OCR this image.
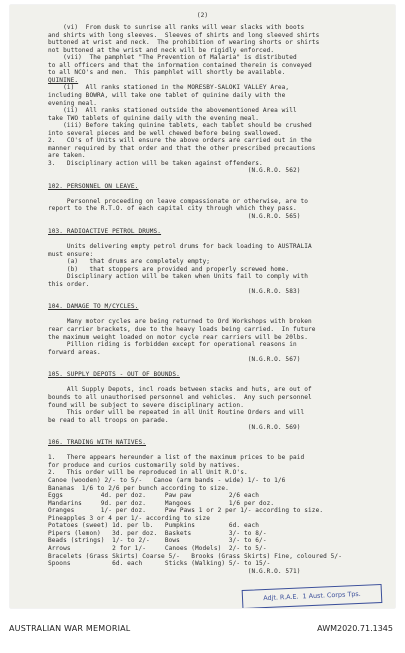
(2)
(vi)  From dusk to sunrise all ranks will wear slacks with boots
and shirts with long sleeves.  Sleeves of shirts and long sleeved shirts
buttoned at wrist and neck.  The prohibition of wearing shorts or shirts
not buttoned at the wrist and neck will be rigidly enforced.
(vii)  The pamphlet "The Prevention of Malaria" is distributed
to all officers and that the information contained therein is conveyed
to all NCO's and men.  This pamphlet will shortly be available.
QUININE.
(i)   All ranks stationed in the MORESBY-SALOKI VALLEY Area,
including BOWRA, will take one tablet of quinine daily with the
evening meal.
(ii)  All ranks stationed outside the abovementioned Area will
take TWO tablets of quinine daily with the evening meal.
(iii) Before taking quinine tablets, each tablet should be crushed
into several pieces and be well chewed before being swallowed.
2.   CO's of Units will ensure the above orders are carried out in the
manner required by that order and that the other prescribed precautions
are taken.
3.   Disciplinary action will be taken against offenders.
(N.G.R.O. 562)
102. PERSONNEL ON LEAVE.
Personnel proceeding on leave compassionate or otherwise, are to
report to the R.T.O. of each capital city through which they pass.
(N.G.R.O. 565)
103. RADIOACTIVE PETROL DRUMS.
Units delivering empty petrol drums for back loading to AUSTRALIA
must ensure:
(a)   that drums are completely empty;
(b)   that stoppers are provided and properly screwed home.
Disciplinary action will be taken when Units fail to comply with
this order.
(N.G.R.O. 583)
104. DAMAGE TO M/CYCLES.
Many motor cycles are being returned to Ord Workshops with broken
rear carrier brackets, due to the heavy loads being carried.  In future
the maximum weight loaded on motor cycle rear carriers will be 20lbs.
Pillion riding is forbidden except for operational reasons in
forward areas.
(N.G.R.O. 567)
105. SUPPLY DEPOTS - OUT OF BOUNDS.
All Supply Depots, incl roads between stacks and huts, are out of
bounds to all unauthorised personnel and vehicles.  Any such personnel
found will be subject to severe disciplinary action.
This order will be repeated in all Unit Routine Orders and will
be read to all troops on parade.
(N.G.R.O. 569)
106. TRADING WITH NATIVES.
1.   There appears hereunder a list of the maximum prices to be paid
for produce and curios customarily sold by natives.
2.   This order will be reproduced in all Unit R.O's.
Canoe (wooden) 2/- to 5/-   Canoe (arm bands - wide) 1/- to 1/6
Bananas  1/6 to 2/6 per bunch according to size.
Eggs          4d. per doz.     Paw paw          2/6 each
Mandarins     9d. per doz.     Mangoes          1/6 per doz.
Oranges       1/- per doz.     Paw Paws 1 or 2 per 1/- according to size.
Pineapples 3 or 4 per 1/- according to size
Potatoes (sweet) 1d. per lb.   Pumpkins         6d. each
Pipers (lemon)   3d. per doz.  Baskets          3/- to 8/-
Beads (strings)  1/- to 2/-    Bows             3/- to 6/-
Arrows           2 for 1/-     Canoes (Models)  2/- to 5/-
Bracelets (Grass Skirts) Coarse 5/-   Brooks (Grass Skirts) Fine, coloured 5/-
Spoons           6d. each      Sticks (Walking) 5/- to 15/-
(N.G.R.O. 571)
Adjt. R.A.E.  1 Aust. Corps Tps.
AUSTRALIAN WAR MEMORIAL	AWM2020.71.1345
